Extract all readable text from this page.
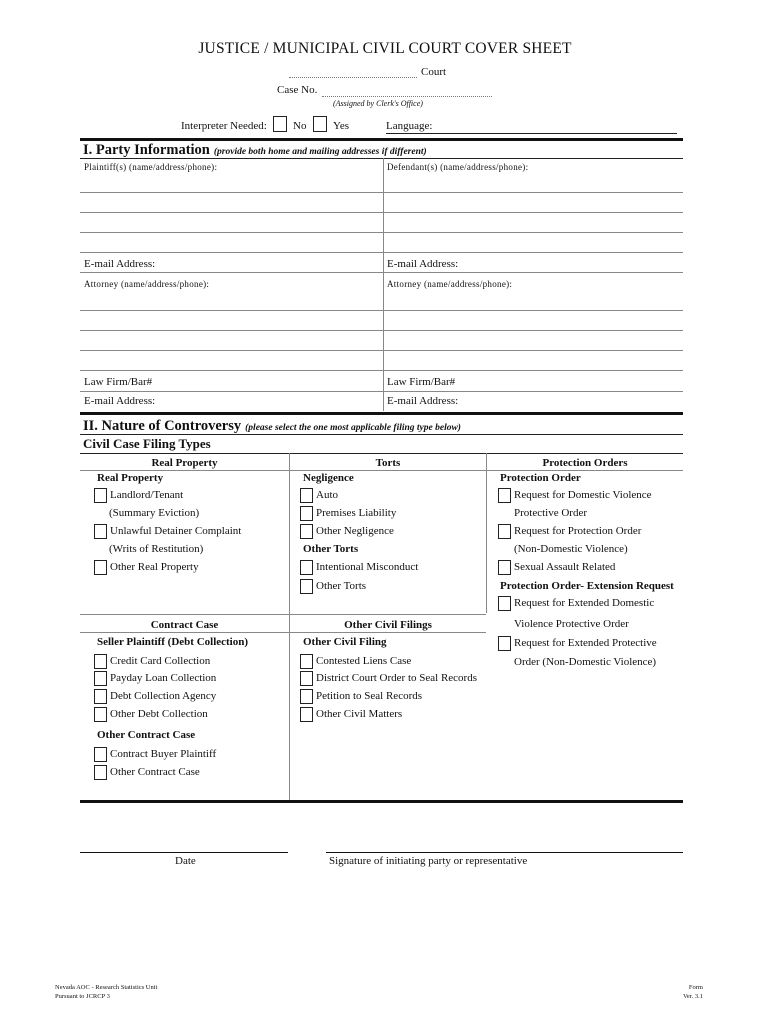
JUSTICE / MUNICIPAL CIVIL COURT COVER SHEET
Court
Case No.
(Assigned by Clerk's Office)
Interpreter Needed: No Yes	Language:
I. Party Information (provide both home and mailing addresses if different)
Plaintiff(s) (name/address/phone):	Defendant(s) (name/address/phone):
E-mail Address:	E-mail Address:
Attorney (name/address/phone):	Attorney (name/address/phone):
Law Firm/Bar#	Law Firm/Bar#
E-mail Address:	E-mail Address:
II. Nature of Controversy (please select the one most applicable filing type below)
Civil Case Filing Types
Real Property	Torts	Protection Orders
Real Property
Landlord/Tenant
(Summary Eviction)
Unlawful Detainer Complaint
(Writs of Restitution)
Other Real Property
Negligence
Auto
Premises Liability
Other Negligence
Other Torts
Intentional Misconduct
Other Torts
Protection Order
Request for Domestic Violence
Protective Order
Request for Protection Order
(Non-Domestic Violence)
Sexual Assault Related
Protection Order- Extension Request
Request for Extended Domestic
Violence Protective Order
Request for Extended Protective
Order (Non-Domestic Violence)
Contract Case	Other Civil Filings
Seller Plaintiff (Debt Collection)
Credit Card Collection
Payday Loan Collection
Debt Collection Agency
Other Debt Collection
Other Contract Case
Contract Buyer Plaintiff
Other Contract Case
Other Civil Filing
Contested Liens Case
District Court Order to Seal Records
Petition to Seal Records
Other Civil Matters
Date	Signature of initiating party or representative
Nevada AOC - Research Statistics Unit
Pursuant to JCRCP 3
Form
Ver. 3.1
